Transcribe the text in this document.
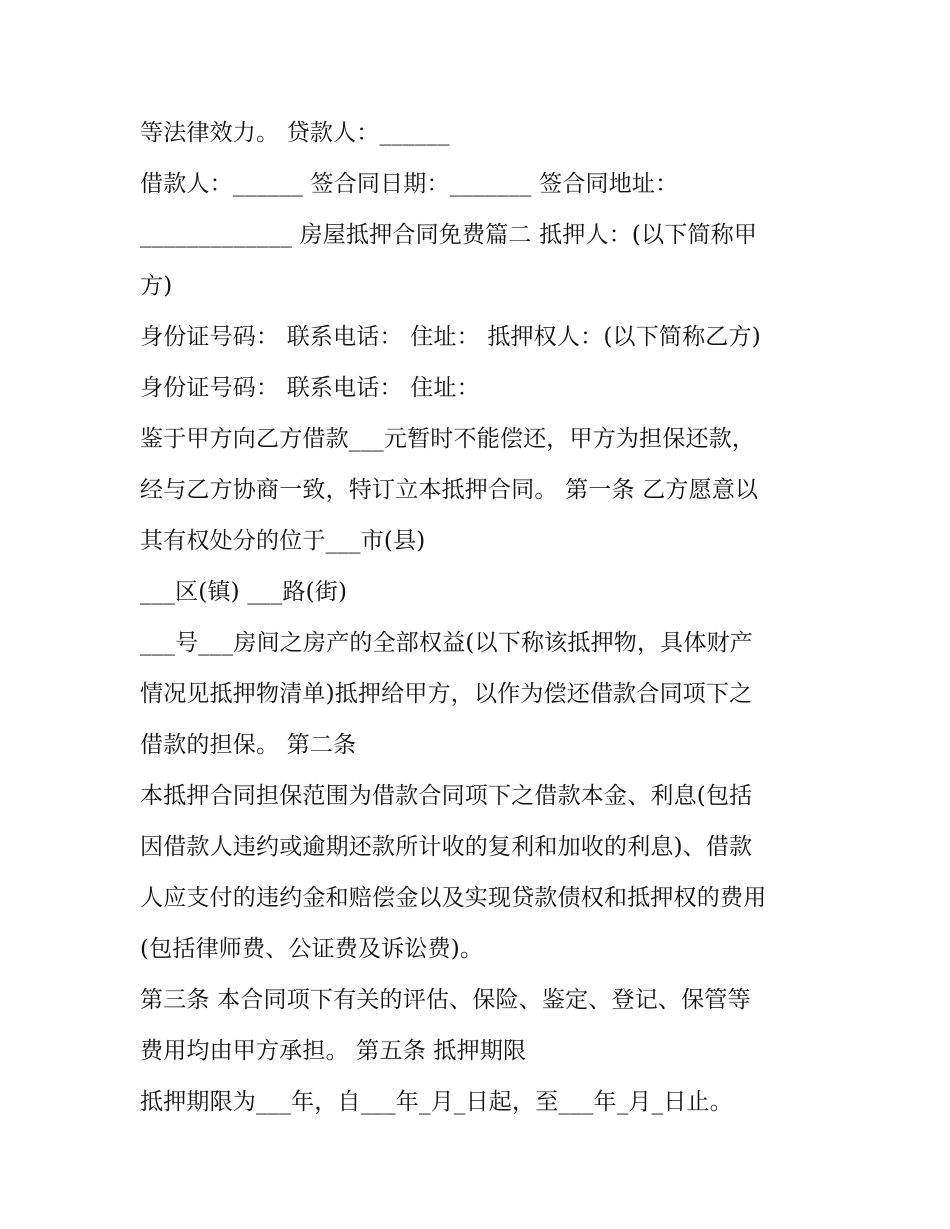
等法律效力。 贷款人：______
借款人：______ 签合同日期：_______ 签合同地址：
_____________ 房屋抵押合同免费篇二 抵押人：(以下简称甲
方)
身份证号码： 联系电话： 住址： 抵押权人：(以下简称乙方)
身份证号码： 联系电话： 住址：
鉴于甲方向乙方借款___元暂时不能偿还，甲方为担保还款，
经与乙方协商一致，特订立本抵押合同。 第一条 乙方愿意以
其有权处分的位于___市(县)
___区(镇) ___路(街)
___号___房间之房产的全部权益(以下称该抵押物，具体财产
情况见抵押物清单)抵押给甲方，以作为偿还借款合同项下之
借款的担保。 第二条
本抵押合同担保范围为借款合同项下之借款本金、利息(包括
因借款人违约或逾期还款所计收的复利和加收的利息)、借款
人应支付的违约金和赔偿金以及实现贷款债权和抵押权的费用
(包括律师费、公证费及诉讼费)。
第三条 本合同项下有关的评估、保险、鉴定、登记、保管等
费用均由甲方承担。 第五条 抵押期限
抵押期限为___年，自___年_月_日起，至___年_月_日止。
